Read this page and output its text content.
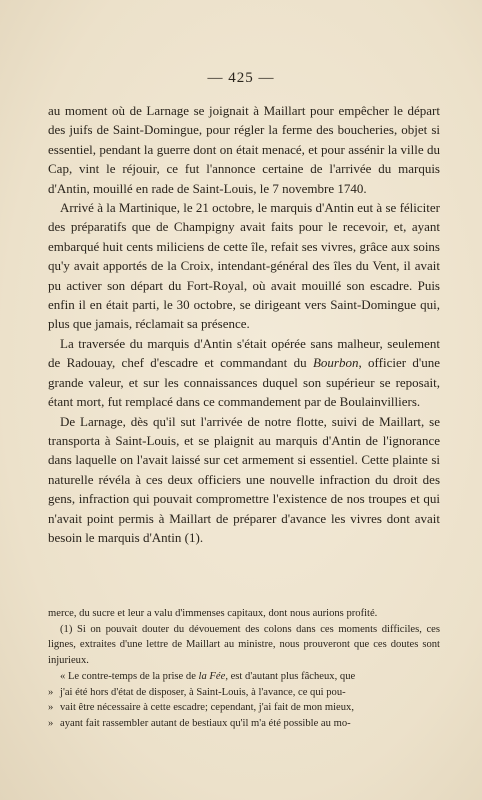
— 425 —

au moment où de Larnage se joignait à Maillart pour empêcher le départ des juifs de Saint-Domingue, pour régler la ferme des boucheries, objet si essentiel, pendant la guerre dont on était menacé, et pour assénir la ville du Cap, vint le réjouir, ce fut l'annonce certaine de l'arrivée du marquis d'Antin, mouillé en rade de Saint-Louis, le 7 novembre 1740.

Arrivé à la Martinique, le 21 octobre, le marquis d'Antin eut à se féliciter des préparatifs que de Champigny avait faits pour le recevoir, et, ayant embarqué huit cents miliciens de cette île, refait ses vivres, grâce aux soins qu'y avait apportés de la Croix, intendant-général des îles du Vent, il avait pu activer son départ du Fort-Royal, où avait mouillé son escadre. Puis enfin il en était parti, le 30 octobre, se dirigeant vers Saint-Domingue qui, plus que jamais, réclamait sa présence.

La traversée du marquis d'Antin s'était opérée sans malheur, seulement de Radouay, chef d'escadre et commandant du Bourbon, officier d'une grande valeur, et sur les connaissances duquel son supérieur se reposait, étant mort, fut remplacé dans ce commandement par de Boulainvilliers.

De Larnage, dès qu'il sut l'arrivée de notre flotte, suivi de Maillart, se transporta à Saint-Louis, et se plaignit au marquis d'Antin de l'ignorance dans laquelle on l'avait laissé sur cet armement si essentiel. Cette plainte si naturelle révéla à ces deux officiers une nouvelle infraction du droit des gens, infraction qui pouvait compromettre l'existence de nos troupes et qui n'avait point permis à Maillart de préparer d'avance les vivres dont avait besoin le marquis d'Antin (1).

merce, du sucre et leur a valu d'immenses capitaux, dont nous aurions profité.

(1) Si on pouvait douter du dévouement des colons dans ces moments difficiles, ces lignes, extraites d'une lettre de Maillart au ministre, nous prouveront que ces doutes sont injurieux.

« Le contre-temps de la prise de la Fée, est d'autant plus fâcheux, que

» j'ai été hors d'état de disposer, à Saint-Louis, à l'avance, ce qui pou-
» vait être nécessaire à cette escadre; cependant, j'ai fait de mon mieux,
» ayant fait rassembler autant de bestiaux qu'il m'a été possible au mo-
